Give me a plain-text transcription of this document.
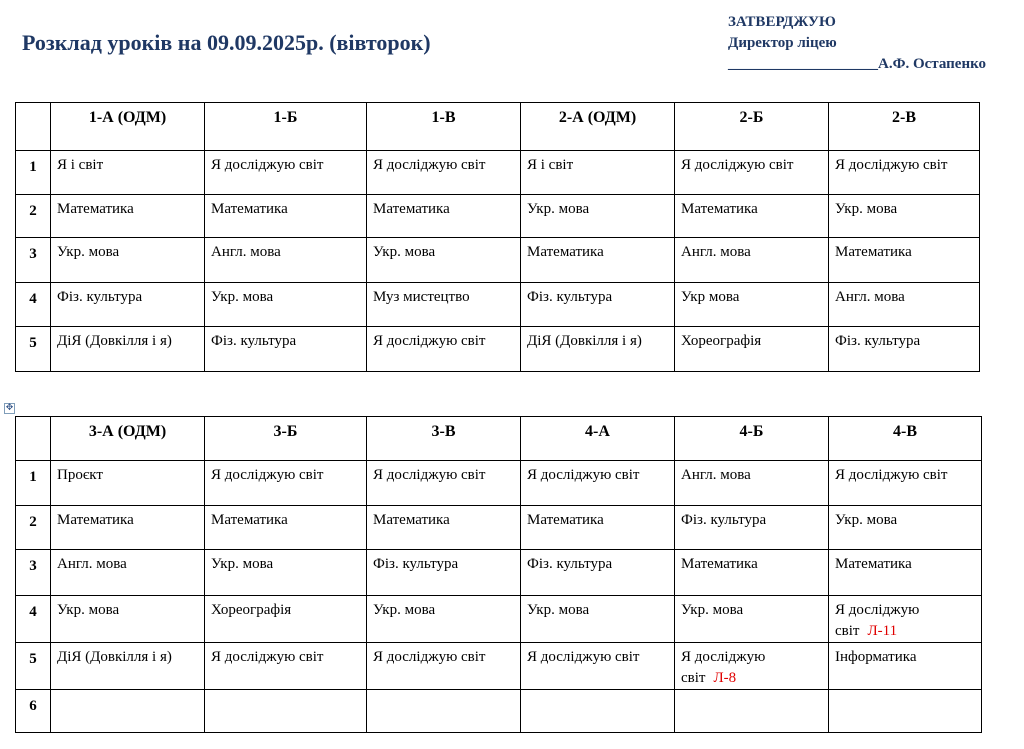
Розклад уроків на 09.09.2025р. (вівторок)
ЗАТВЕРДЖУЮ
Директор ліцею
____________________А.Ф. Остапенко
	1-А (ОДМ)	1-Б	1-В	2-А (ОДМ)	2-Б	2-В
1	Я і світ	Я досліджую світ	Я досліджую світ	Я і світ	Я досліджую світ	Я досліджую світ
2	Математика	Математика	Математика	Укр. мова	Математика	Укр. мова
3	Укр. мова	Англ. мова	Укр. мова	Математика	Англ. мова	Математика
4	Фіз. культура	Укр. мова	Муз мистецтво	Фіз. культура	Укр мова	Англ. мова
5	ДіЯ (Довкілля і я)	Фіз. культура	Я досліджую світ	ДіЯ (Довкілля і я)	Хореографія	Фіз. культура
✥
	3-А (ОДМ)	3-Б	3-В	4-А	4-Б	4-В
1	Проєкт	Я досліджую світ	Я досліджую світ	Я досліджую світ	Англ. мова	Я досліджую світ
2	Математика	Математика	Математика	Математика	Фіз. культура	Укр. мова
3	Англ. мова	Укр. мова	Фіз. культура	Фіз. культура	Математика	Математика
4	Укр. мова	Хореографія	Укр. мова	Укр. мова	Укр. мова	Я досліджую світ Л-11
5	ДіЯ (Довкілля і я)	Я досліджую світ	Я досліджую світ	Я досліджую світ	Я досліджую світ Л-8	Інформатика
6						
